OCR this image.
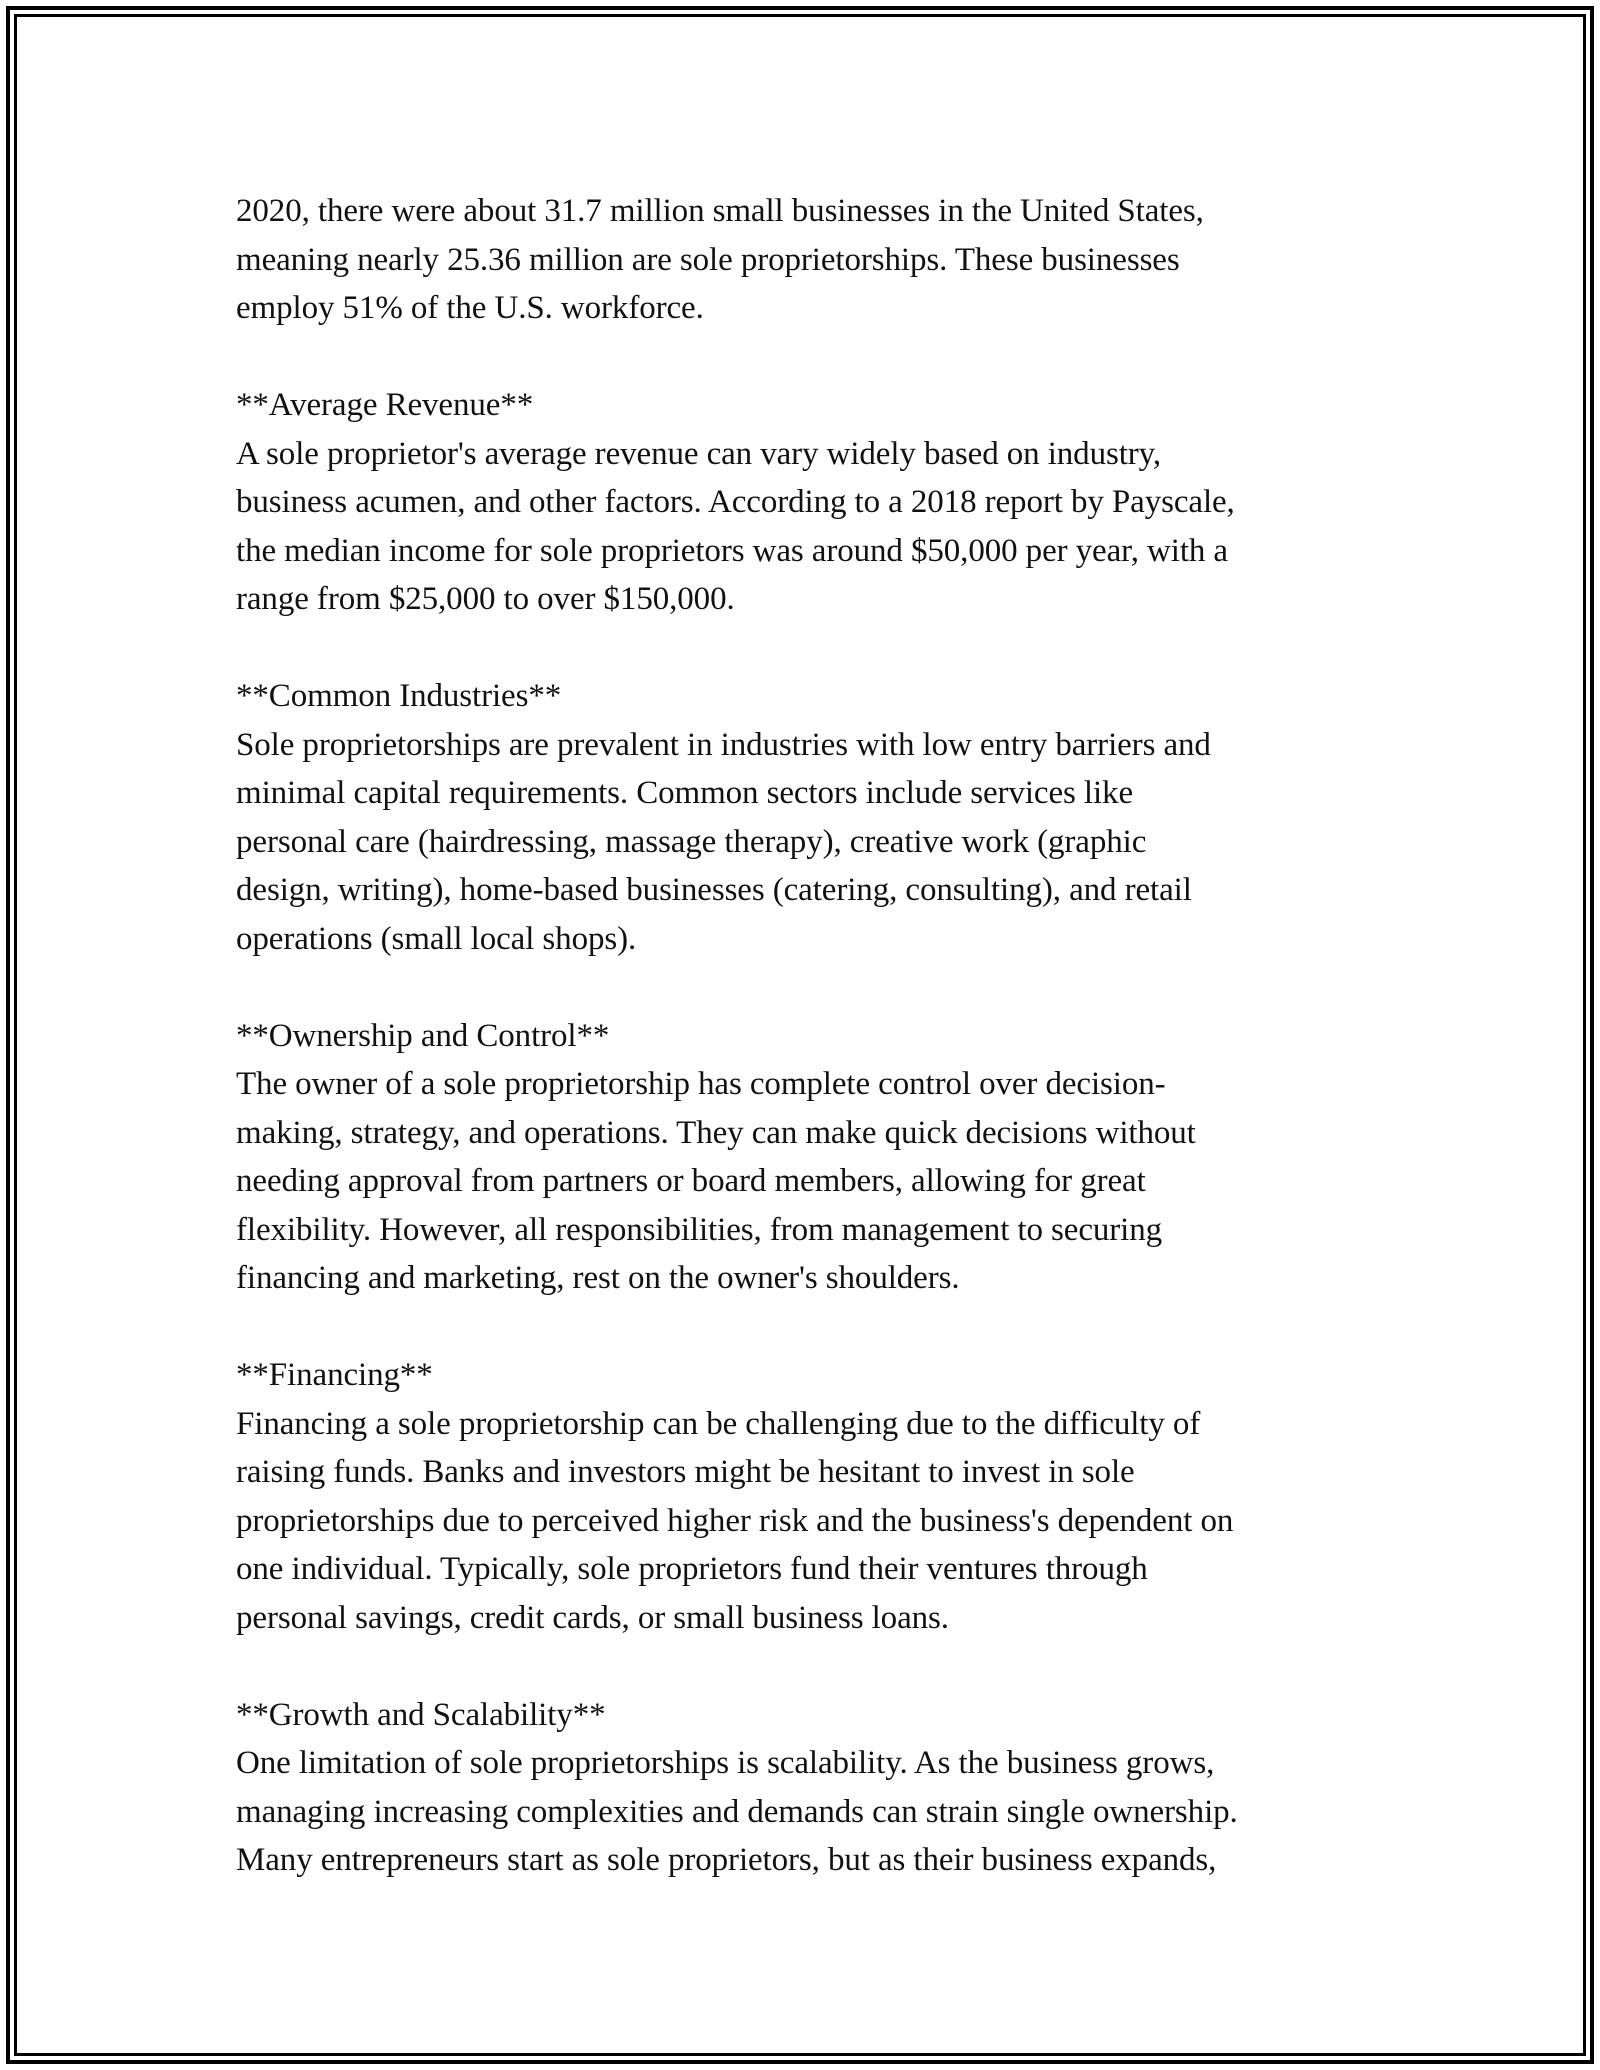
2020, there were about 31.7 million small businesses in the United States,
meaning nearly 25.36 million are sole proprietorships. These businesses
employ 51% of the U.S. workforce.

**Average Revenue**

A sole proprietor's average revenue can vary widely based on industry,
business acumen, and other factors. According to a 2018 report by Payscale,
the median income for sole proprietors was around $50,000 per year, with a
range from $25,000 to over $150,000.

**Common Industries**

Sole proprietorships are prevalent in industries with low entry barriers and
minimal capital requirements. Common sectors include services like
personal care (hairdressing, massage therapy), creative work (graphic
design, writing), home-based businesses (catering, consulting), and retail
operations (small local shops).

**Ownership and Control**

The owner of a sole proprietorship has complete control over decision-
making, strategy, and operations. They can make quick decisions without
needing approval from partners or board members, allowing for great
flexibility. However, all responsibilities, from management to securing
financing and marketing, rest on the owner's shoulders.

**Financing**

Financing a sole proprietorship can be challenging due to the difficulty of
raising funds. Banks and investors might be hesitant to invest in sole
proprietorships due to perceived higher risk and the business's dependent on
one individual. Typically, sole proprietors fund their ventures through
personal savings, credit cards, or small business loans.

**Growth and Scalability**

One limitation of sole proprietorships is scalability. As the business grows,
managing increasing complexities and demands can strain single ownership.
Many entrepreneurs start as sole proprietors, but as their business expands,
